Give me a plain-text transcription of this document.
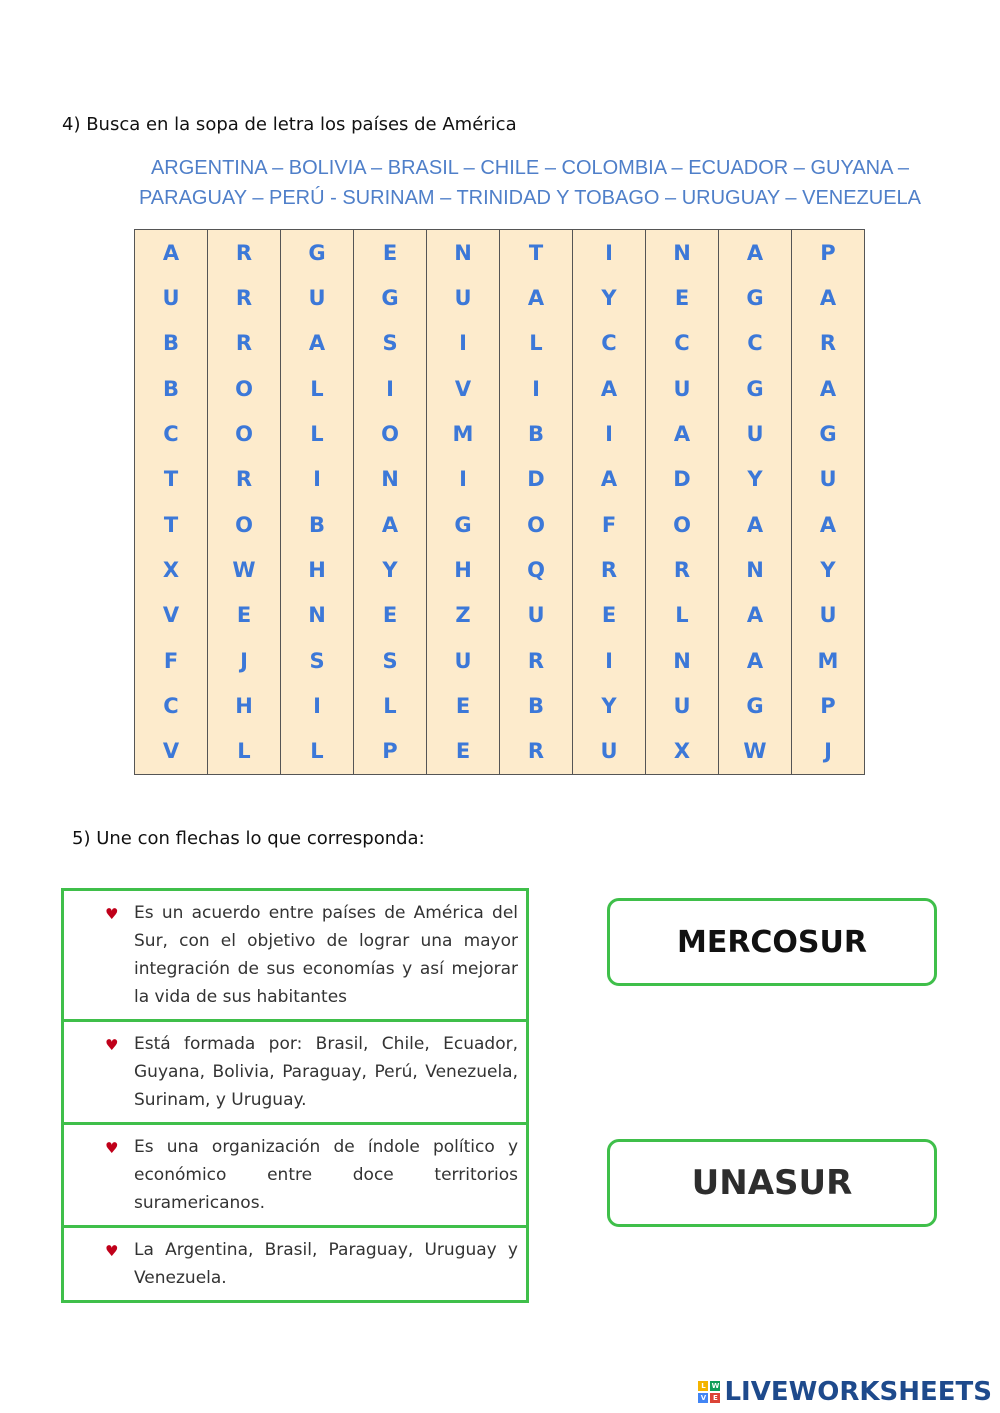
4) Busca en la sopa de letra los países de América
ARGENTINA – BOLIVIA – BRASIL – CHILE – COLOMBIA – ECUADOR – GUYANA –
PARAGUAY – PERÚ - SURINAM – TRINIDAD Y TOBAGO – URUGUAY – VENEZUELA
A	R	G	E	N	T	I	N	A	P
U	R	U	G	U	A	Y	E	G	A
B	R	A	S	I	L	C	C	C	R
B	O	L	I	V	I	A	U	G	A
C	O	L	O	M	B	I	A	U	G
T	R	I	N	I	D	A	D	Y	U
T	O	B	A	G	O	F	O	A	A
X	W	H	Y	H	Q	R	R	N	Y
V	E	N	E	Z	U	E	L	A	U
F	J	S	S	U	R	I	N	A	M
C	H	I	L	E	B	Y	U	G	P
V	L	L	P	E	R	U	X	W	J
5) Une con flechas lo que corresponda:
♥ Es un acuerdo entre países de América del Sur, con el objetivo de lograr una mayor integración de sus economías y así mejorar la vida de sus habitantes
♥ Está formada por: Brasil, Chile, Ecuador, Guyana, Bolivia, Paraguay, Perú, Venezuela, Surinam, y Uruguay.
♥ Es una organización de índole político y económico entre doce territorios suramericanos.
♥ La Argentina, Brasil, Paraguay, Uruguay y Venezuela.
MERCOSUR
UNASUR
L W
V E LIVEWORKSHEETS
